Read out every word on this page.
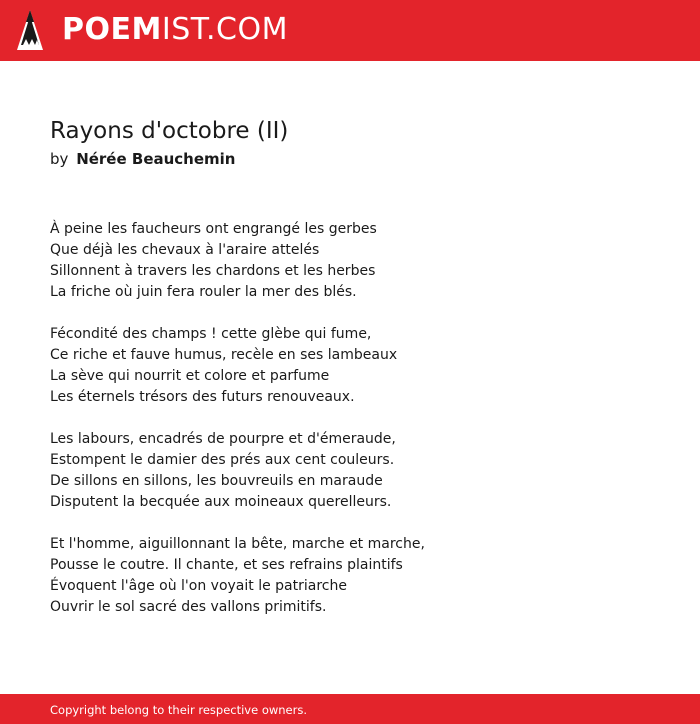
POEMIST.COM
Rayons d'octobre (II)
by Nérée Beauchemin
À peine les faucheurs ont engrangé les gerbes
Que déjà les chevaux à l'araire attelés
Sillonnent à travers les chardons et les herbes
La friche où juin fera rouler la mer des blés.
Fécondité des champs ! cette glèbe qui fume,
Ce riche et fauve humus, recèle en ses lambeaux
La sève qui nourrit et colore et parfume
Les éternels trésors des futurs renouveaux.
Les labours, encadrés de pourpre et d'émeraude,
Estompent le damier des prés aux cent couleurs.
De sillons en sillons, les bouvreuils en maraude
Disputent la becquée aux moineaux querelleurs.
Et l'homme, aiguillonnant la bête, marche et marche,
Pousse le coutre. Il chante, et ses refrains plaintifs
Évoquent l'âge où l'on voyait le patriarche
Ouvrir le sol sacré des vallons primitifs.
Copyright belong to their respective owners.
